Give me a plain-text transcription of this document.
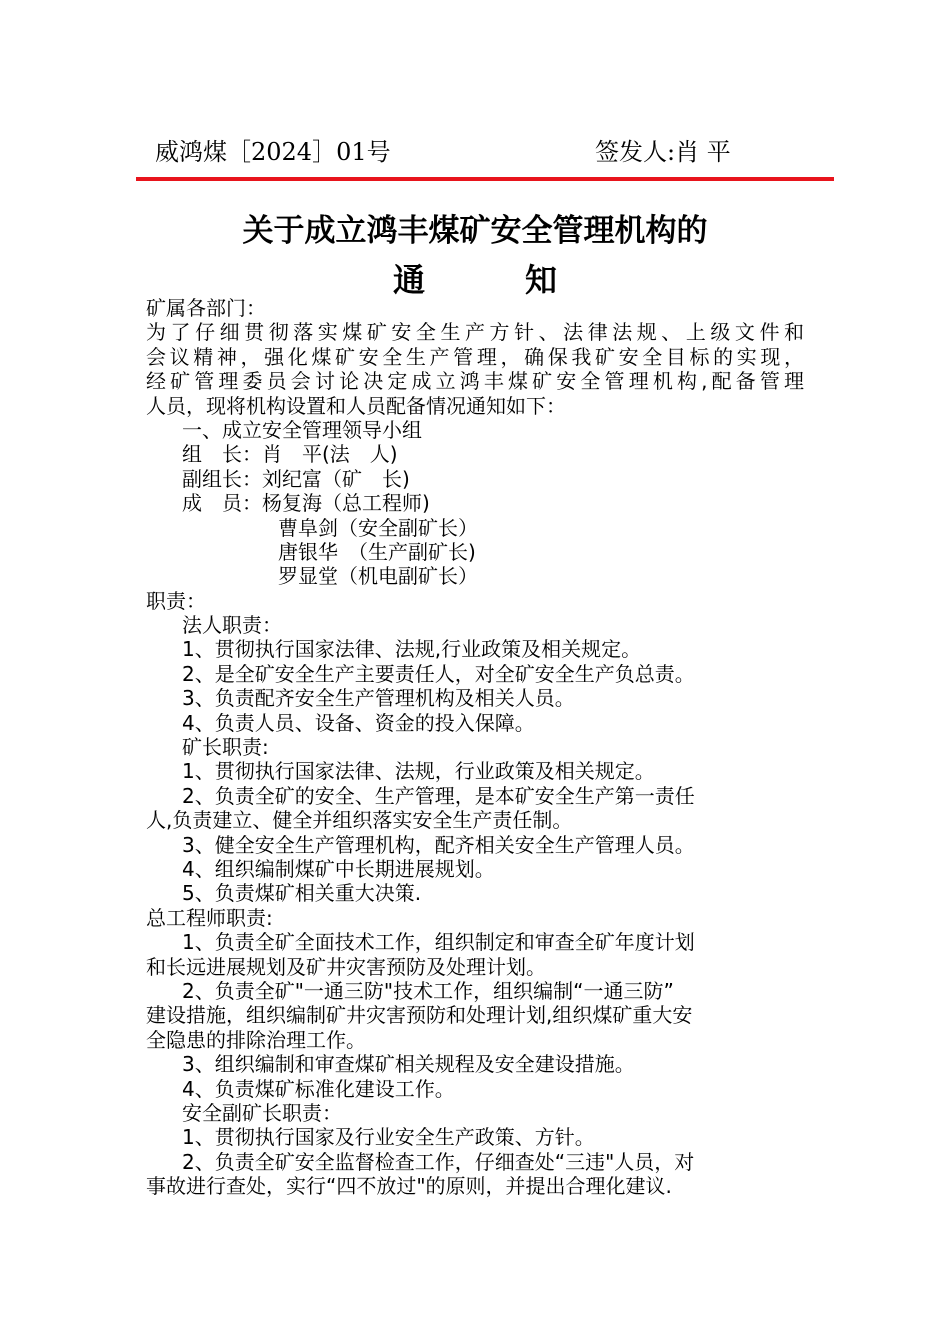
威鸿煤［2024］01号	签发人:肖 平
关于成立鸿丰煤矿安全管理机构的
通	知
矿属各部门：
为了仔细贯彻落实煤矿安全生产方针、法律法规、上级文件和
会议精神，强化煤矿安全生产管理，确保我矿安全目标的实现，
经矿管理委员会讨论决定成立鸿丰煤矿安全管理机构,配备管理
人员，现将机构设置和人员配备情况通知如下：
一、成立安全管理领导小组
组　长：肖　平(法　人)
副组长：刘纪富（矿　长)
成　员：杨复海（总工程师)
曹阜剑（安全副矿长）
唐银华　（生产副矿长)
罗显堂（机电副矿长）
职责：
法人职责：
1、贯彻执行国家法律、法规,行业政策及相关规定。
2、是全矿安全生产主要责任人，对全矿安全生产负总责。
3、负责配齐安全生产管理机构及相关人员。
4、负责人员、设备、资金的投入保障。
矿长职责:
1、贯彻执行国家法律、法规，行业政策及相关规定。
2、负责全矿的安全、生产管理，是本矿安全生产第一责任
人,负责建立、健全并组织落实安全生产责任制。
3、健全安全生产管理机构，配齐相关安全生产管理人员。
4、组织编制煤矿中长期进展规划。
5、负责煤矿相关重大决策.
总工程师职责:
1、负责全矿全面技术工作，组织制定和审查全矿年度计划
和长远进展规划及矿井灾害预防及处理计划。
2、负责全矿"一通三防"技术工作，组织编制“一通三防”
建设措施，组织编制矿井灾害预防和处理计划,组织煤矿重大安
全隐患的排除治理工作。
3、组织编制和审查煤矿相关规程及安全建设措施。
4、负责煤矿标准化建设工作。
安全副矿长职责：
1、贯彻执行国家及行业安全生产政策、方针。
2、负责全矿安全监督检查工作，仔细查处“三违"人员，对
事故进行查处，实行“四不放过"的原则，并提出合理化建议.
